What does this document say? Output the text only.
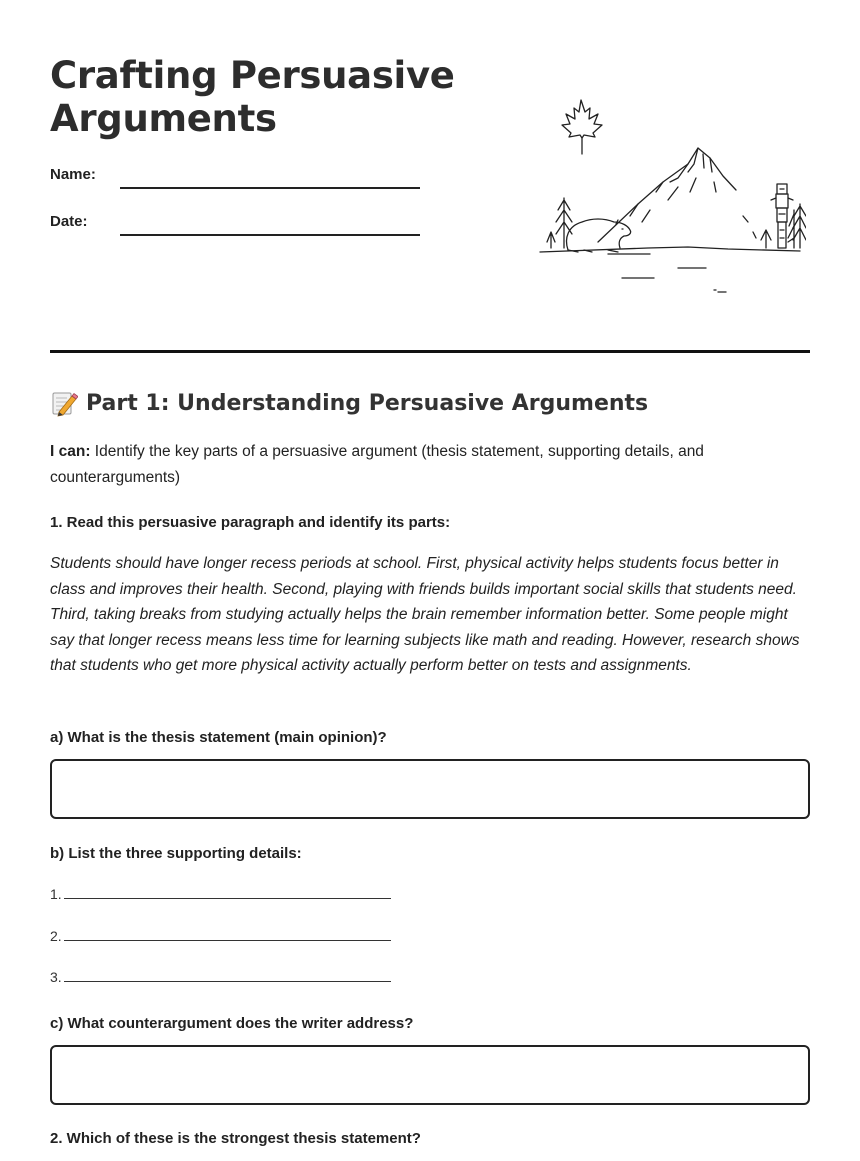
Crafting Persuasive Arguments
Name:
Date:
Part 1: Understanding Persuasive Arguments

I can: Identify the key parts of a persuasive argument (thesis statement, supporting details, and counterarguments)

1. Read this persuasive paragraph and identify its parts:

Students should have longer recess periods at school. First, physical activity helps students focus better in class and improves their health. Second, playing with friends builds important social skills that students need. Third, taking breaks from studying actually helps the brain remember information better. Some people might say that longer recess means less time for learning subjects like math and reading. However, research shows that students who get more physical activity actually perform better on tests and assignments.

a) What is the thesis statement (main opinion)?

b) List the three supporting details:

1.
2.
3.

c) What counterargument does the writer address?

2. Which of these is the strongest thesis statement?
